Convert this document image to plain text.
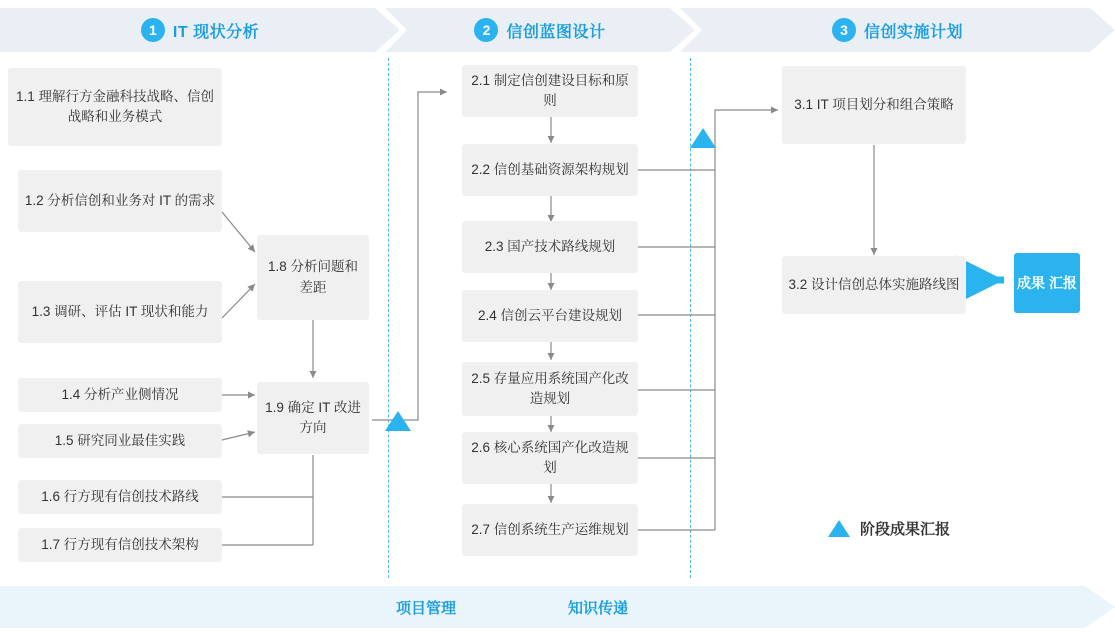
1	IT 现状分析	2	信创蓝图设计	3	信创实施计划
1.1 理解行方金融科技战略、信创战略和业务模式
1.2 分析信创和业务对 IT 的需求
1.3 调研、评估 IT 现状和能力
1.4 分析产业侧情况
1.5 研究同业最佳实践
1.6 行方现有信创技术路线
1.7 行方现有信创技术架构
1.8 分析问题和差距
1.9 确定 IT 改进方向
2.1 制定信创建设目标和原则
2.2 信创基础资源架构规划
2.3 国产技术路线规划
2.4 信创云平台建设规划
2.5 存量应用系统国产化改造规划
2.6 核心系统国产化改造规划
2.7 信创系统生产运维规划
3.1 IT 项目划分和组合策略
3.2 设计信创总体实施路线图	成果 汇报
阶段成果汇报
项目管理	知识传递
